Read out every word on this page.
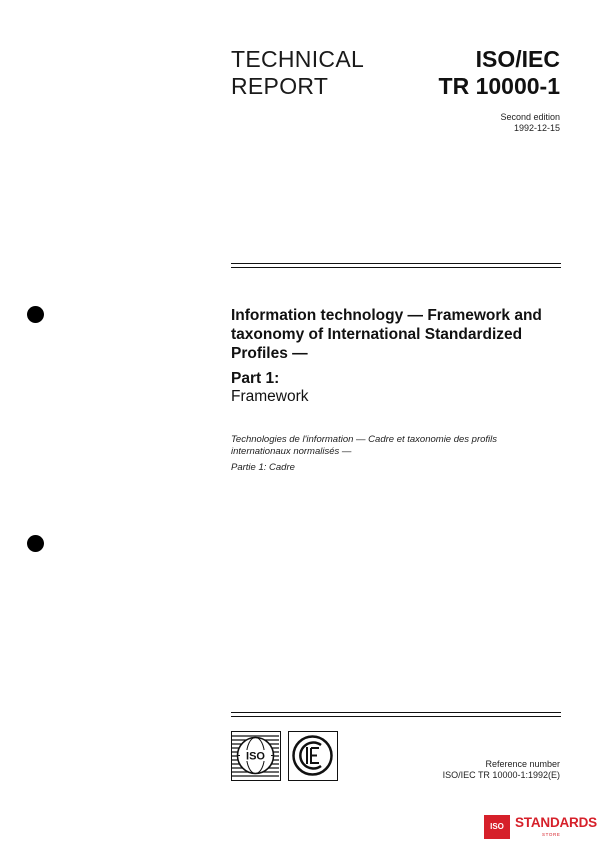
TECHNICAL
REPORT
ISO/IEC
TR 10000-1
Second edition
1992-12-15
Information technology — Framework and
taxonomy of International Standardized
Profiles —
Part 1:
Framework
Technologies de l'information — Cadre et taxonomie des profils
internationaux normalisés —
Partie 1: Cadre
ISO
Reference number
ISO/IEC TR 10000-1:1992(E)
ISO STANDARDS
STORE
